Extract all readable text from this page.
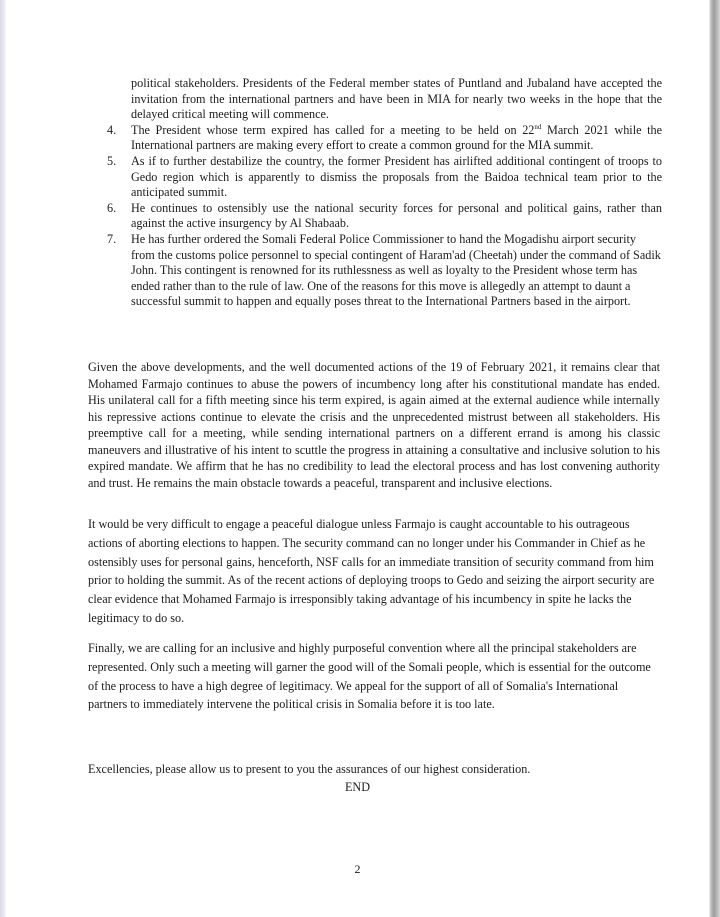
political stakeholders. Presidents of the Federal member states of Puntland and Jubaland have accepted the invitation from the international partners and have been in MIA for nearly two weeks in the hope that the delayed critical meeting will commence.
4. The President whose term expired has called for a meeting to be held on 22nd March 2021 while the International partners are making every effort to create a common ground for the MIA summit.
5. As if to further destabilize the country, the former President has airlifted additional contingent of troops to Gedo region which is apparently to dismiss the proposals from the Baidoa technical team prior to the anticipated summit.
6. He continues to ostensibly use the national security forces for personal and political gains, rather than against the active insurgency by Al Shabaab.
7. He has further ordered the Somali Federal Police Commissioner to hand the Mogadishu airport security from the customs police personnel to special contingent of Haram'ad (Cheetah) under the command of Sadik John. This contingent is renowned for its ruthlessness as well as loyalty to the President whose term has ended rather than to the rule of law. One of the reasons for this move is allegedly an attempt to daunt a successful summit to happen and equally poses threat to the International Partners based in the airport.

Given the above developments, and the well documented actions of the 19 of February 2021, it remains clear that Mohamed Farmajo continues to abuse the powers of incumbency long after his constitutional mandate has ended. His unilateral call for a fifth meeting since his term expired, is again aimed at the external audience while internally his repressive actions continue to elevate the crisis and the unprecedented mistrust between all stakeholders. His preemptive call for a meeting, while sending international partners on a different errand is among his classic maneuvers and illustrative of his intent to scuttle the progress in attaining a consultative and inclusive solution to his expired mandate. We affirm that he has no credibility to lead the electoral process and has lost convening authority and trust. He remains the main obstacle towards a peaceful, transparent and inclusive elections.

It would be very difficult to engage a peaceful dialogue unless Farmajo is caught accountable to his outrageous actions of aborting elections to happen. The security command can no longer under his Commander in Chief as he ostensibly uses for personal gains, henceforth, NSF calls for an immediate transition of security command from him prior to holding the summit. As of the recent actions of deploying troops to Gedo and seizing the airport security are clear evidence that Mohamed Farmajo is irresponsibly taking advantage of his incumbency in spite he lacks the legitimacy to do so.

Finally, we are calling for an inclusive and highly purposeful convention where all the principal stakeholders are represented. Only such a meeting will garner the good will of the Somali people, which is essential for the outcome of the process to have a high degree of legitimacy. We appeal for the support of all of Somalia's International partners to immediately intervene the political crisis in Somalia before it is too late.

Excellencies, please allow us to present to you the assurances of our highest consideration.

END

2
